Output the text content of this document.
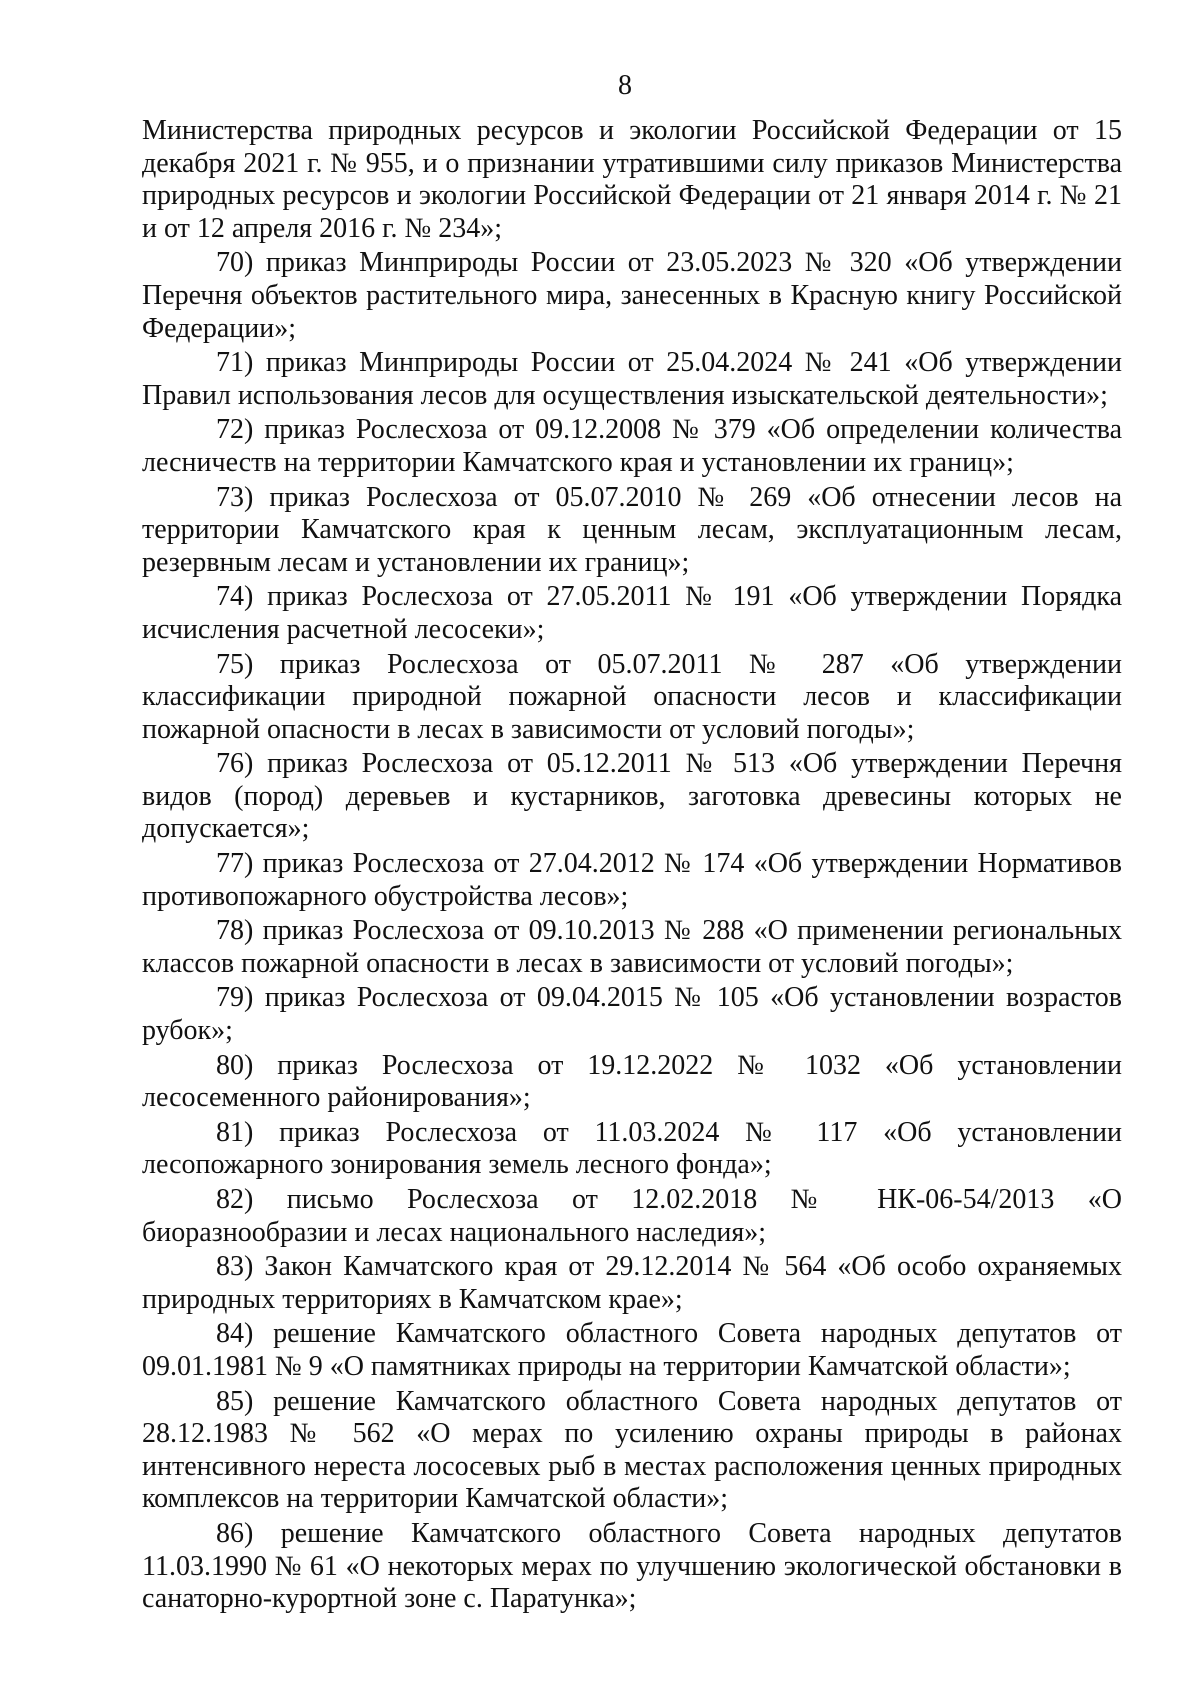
8

Министерства природных ресурсов и экологии Российской Федерации от 15 декабря 2021 г. № 955, и о признании утратившими силу приказов Министерства природных ресурсов и экологии Российской Федерации от 21 января 2014 г. № 21 и от 12 апреля 2016 г. № 234»;

70) приказ Минприроды России от 23.05.2023 № 320 «Об утверждении Перечня объектов растительного мира, занесенных в Красную книгу Российской Федерации»;

71) приказ Минприроды России от 25.04.2024 № 241 «Об утверждении Правил использования лесов для осуществления изыскательской деятельности»;

72) приказ Рослесхоза от 09.12.2008 № 379 «Об определении количества лесничеств на территории Камчатского края и установлении их границ»;

73) приказ Рослесхоза от 05.07.2010 № 269 «Об отнесении лесов на территории Камчатского края к ценным лесам, эксплуатационным лесам, резервным лесам и установлении их границ»;

74) приказ Рослесхоза от 27.05.2011 № 191 «Об утверждении Порядка исчисления расчетной лесосеки»;

75) приказ Рослесхоза от 05.07.2011 № 287 «Об утверждении классификации природной пожарной опасности лесов и классификации пожарной опасности в лесах в зависимости от условий погоды»;

76) приказ Рослесхоза от 05.12.2011 № 513 «Об утверждении Перечня видов (пород) деревьев и кустарников, заготовка древесины которых не допускается»;

77) приказ Рослесхоза от 27.04.2012 № 174 «Об утверждении Нормативов противопожарного обустройства лесов»;

78) приказ Рослесхоза от 09.10.2013 № 288 «О применении региональных классов пожарной опасности в лесах в зависимости от условий погоды»;

79) приказ Рослесхоза от 09.04.2015 № 105 «Об установлении возрастов рубок»;

80) приказ Рослесхоза от 19.12.2022 № 1032 «Об установлении лесосеменного районирования»;

81) приказ Рослесхоза от 11.03.2024 № 117 «Об установлении лесопожарного зонирования земель лесного фонда»;

82) письмо Рослесхоза от 12.02.2018 № НК-06-54/2013 «О биоразнообразии и лесах национального наследия»;

83) Закон Камчатского края от 29.12.2014 № 564 «Об особо охраняемых природных территориях в Камчатском крае»;

84) решение Камчатского областного Совета народных депутатов от 09.01.1981 № 9 «О памятниках природы на территории Камчатской области»;

85) решение Камчатского областного Совета народных депутатов от 28.12.1983 № 562 «О мерах по усилению охраны природы в районах интенсивного нереста лососевых рыб в местах расположения ценных природных комплексов на территории Камчатской области»;

86) решение Камчатского областного Совета народных депутатов 11.03.1990 № 61 «О некоторых мерах по улучшению экологической обстановки в санаторно-курортной зоне с. Паратунка»;
